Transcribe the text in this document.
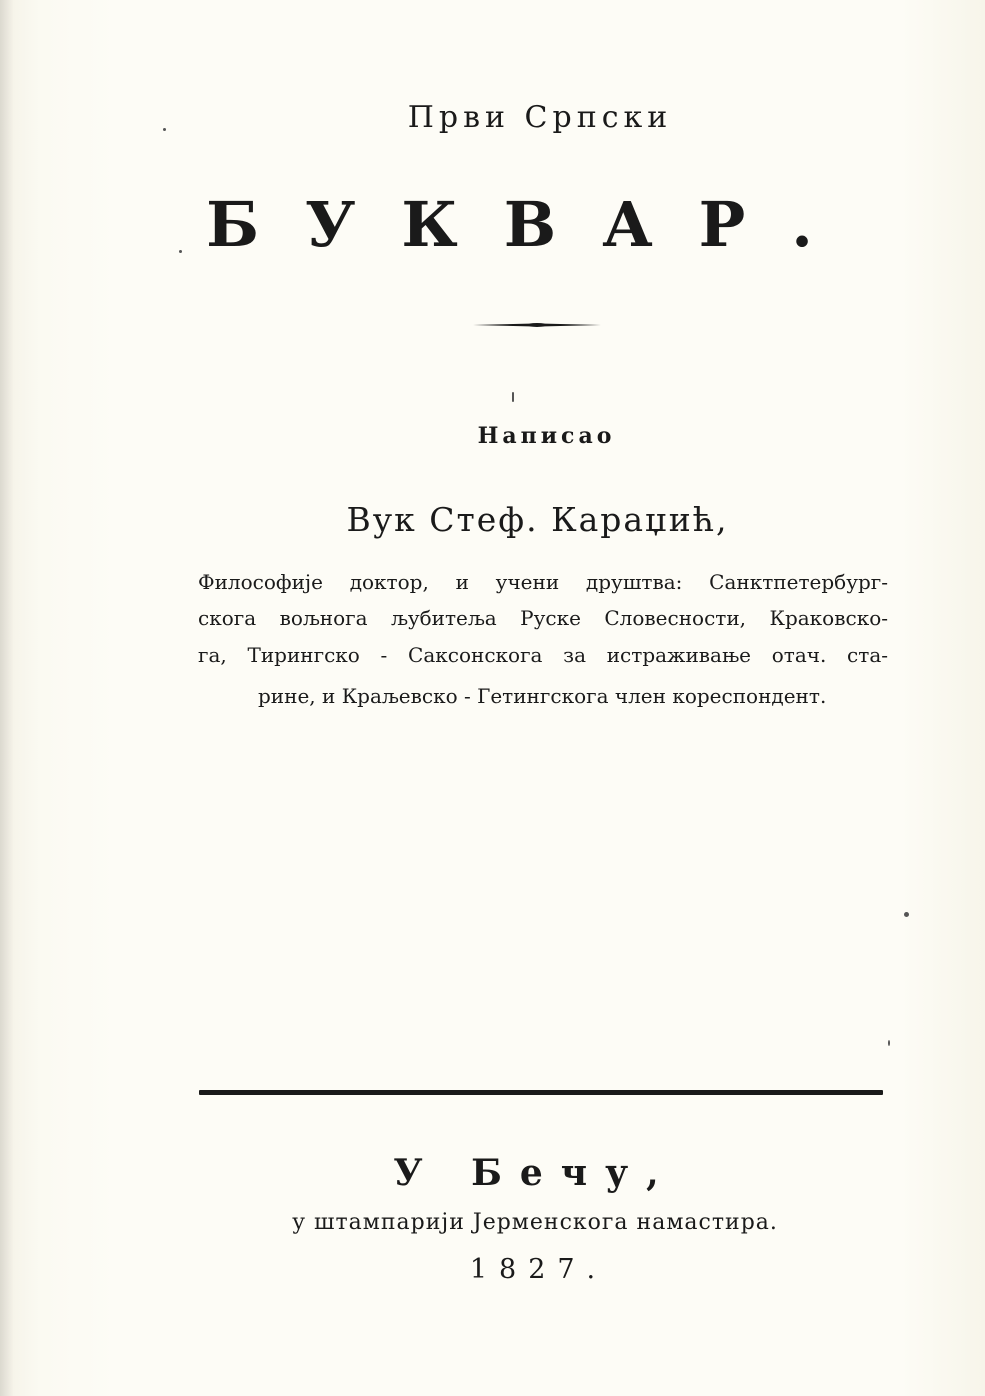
Први Српски
БУКВАР.
Написао
Вук Стеф. Караџић,
Философије доктор, и учени друштва: Санктпетербург-
скога вољнога љубитеља Руске Словесности, Краковско-
га, Тирингско - Саксонскога за истраживање отач. ста-
рине, и Краљевско - Гетингскога член кореспондент.
У Бечу,
у штампарији Јерменскога намастира.
1827.
